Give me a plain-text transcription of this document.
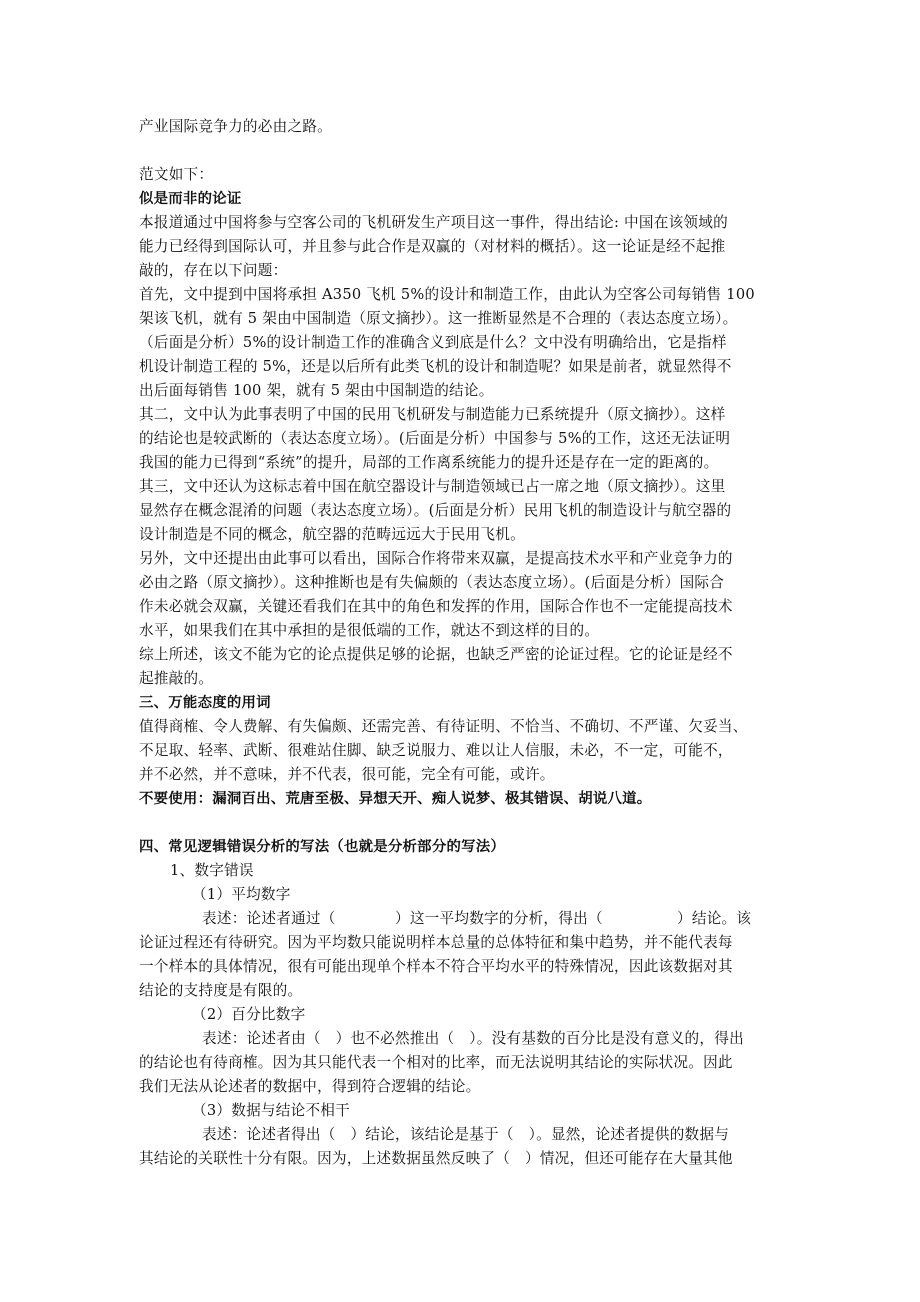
cn
产业国际竞争力的必由之路。
范文如下：
似是而非的论证
本报道通过中国将参与空客公司的飞机研发生产项目这一事件，得出结论: 中国在该领域的
能力已经得到国际认可，并且参与此合作是双赢的（对材料的概括）。这一论证是经不起推
敲的，存在以下问题：
首先，文中提到中国将承担 A350 飞机 5%的设计和制造工作，由此认为空客公司每销售 100
架该飞机，就有 5 架由中国制造（原文摘抄）。这一推断显然是不合理的（表达态度立场）。
（后面是分析）5%的设计制造工作的准确含义到底是什么？文中没有明确给出，它是指样
机设计制造工程的 5%，还是以后所有此类飞机的设计和制造呢？如果是前者，就显然得不
出后面每销售 100 架，就有 5 架由中国制造的结论。
其二，文中认为此事表明了中国的民用飞机研发与制造能力已系统提升（原文摘抄）。这样
的结论也是较武断的（表达态度立场）。(后面是分析）中国参与 5%的工作，这还无法证明
我国的能力已得到“系统”的提升，局部的工作离系统能力的提升还是存在一定的距离的。
其三，文中还认为这标志着中国在航空器设计与制造领域已占一席之地（原文摘抄）。这里
显然存在概念混淆的问题（表达态度立场）。(后面是分析）民用飞机的制造设计与航空器的
设计制造是不同的概念，航空器的范畴远远大于民用飞机。
另外，文中还提出由此事可以看出，国际合作将带来双赢，是提高技术水平和产业竞争力的
必由之路（原文摘抄）。这种推断也是有失偏颇的（表达态度立场）。(后面是分析）国际合
作未必就会双赢，关键还看我们在其中的角色和发挥的作用，国际合作也不一定能提高技术
水平，如果我们在其中承担的是很低端的工作，就达不到这样的目的。
综上所述，该文不能为它的论点提供足够的论据，也缺乏严密的论证过程。它的论证是经不
起推敲的。
三、万能态度的用词
值得商榷、令人费解、有失偏颇、还需完善、有待证明、不恰当、不确切、不严谨、欠妥当、
不足取、轻率、武断、很难站住脚、缺乏说服力、难以让人信服，未必，不一定，可能不，
并不必然，并不意味，并不代表，很可能，完全有可能，或许。
不要使用：漏洞百出、荒唐至极、异想天开、痴人说梦、极其错误、胡说八道。
四、常见逻辑错误分析的写法（也就是分析部分的写法）
1、数字错误
（1）平均数字
表述：论述者通过（　　　　）这一平均数字的分析，得出（　　　　　）结论。该
论证过程还有待研究。因为平均数只能说明样本总量的总体特征和集中趋势，并不能代表每
一个样本的具体情况，很有可能出现单个样本不符合平均水平的特殊情况，因此该数据对其
结论的支持度是有限的。
（2）百分比数字
表述：论述者由（　）也不必然推出（　）。没有基数的百分比是没有意义的，得出
的结论也有待商榷。因为其只能代表一个相对的比率，而无法说明其结论的实际状况。因此
我们无法从论述者的数据中，得到符合逻辑的结论。
（3）数据与结论不相干
表述：论述者得出（　）结论，该结论是基于（　）。显然，论述者提供的数据与
其结论的关联性十分有限。因为，上述数据虽然反映了（　）情况，但还可能存在大量其他
